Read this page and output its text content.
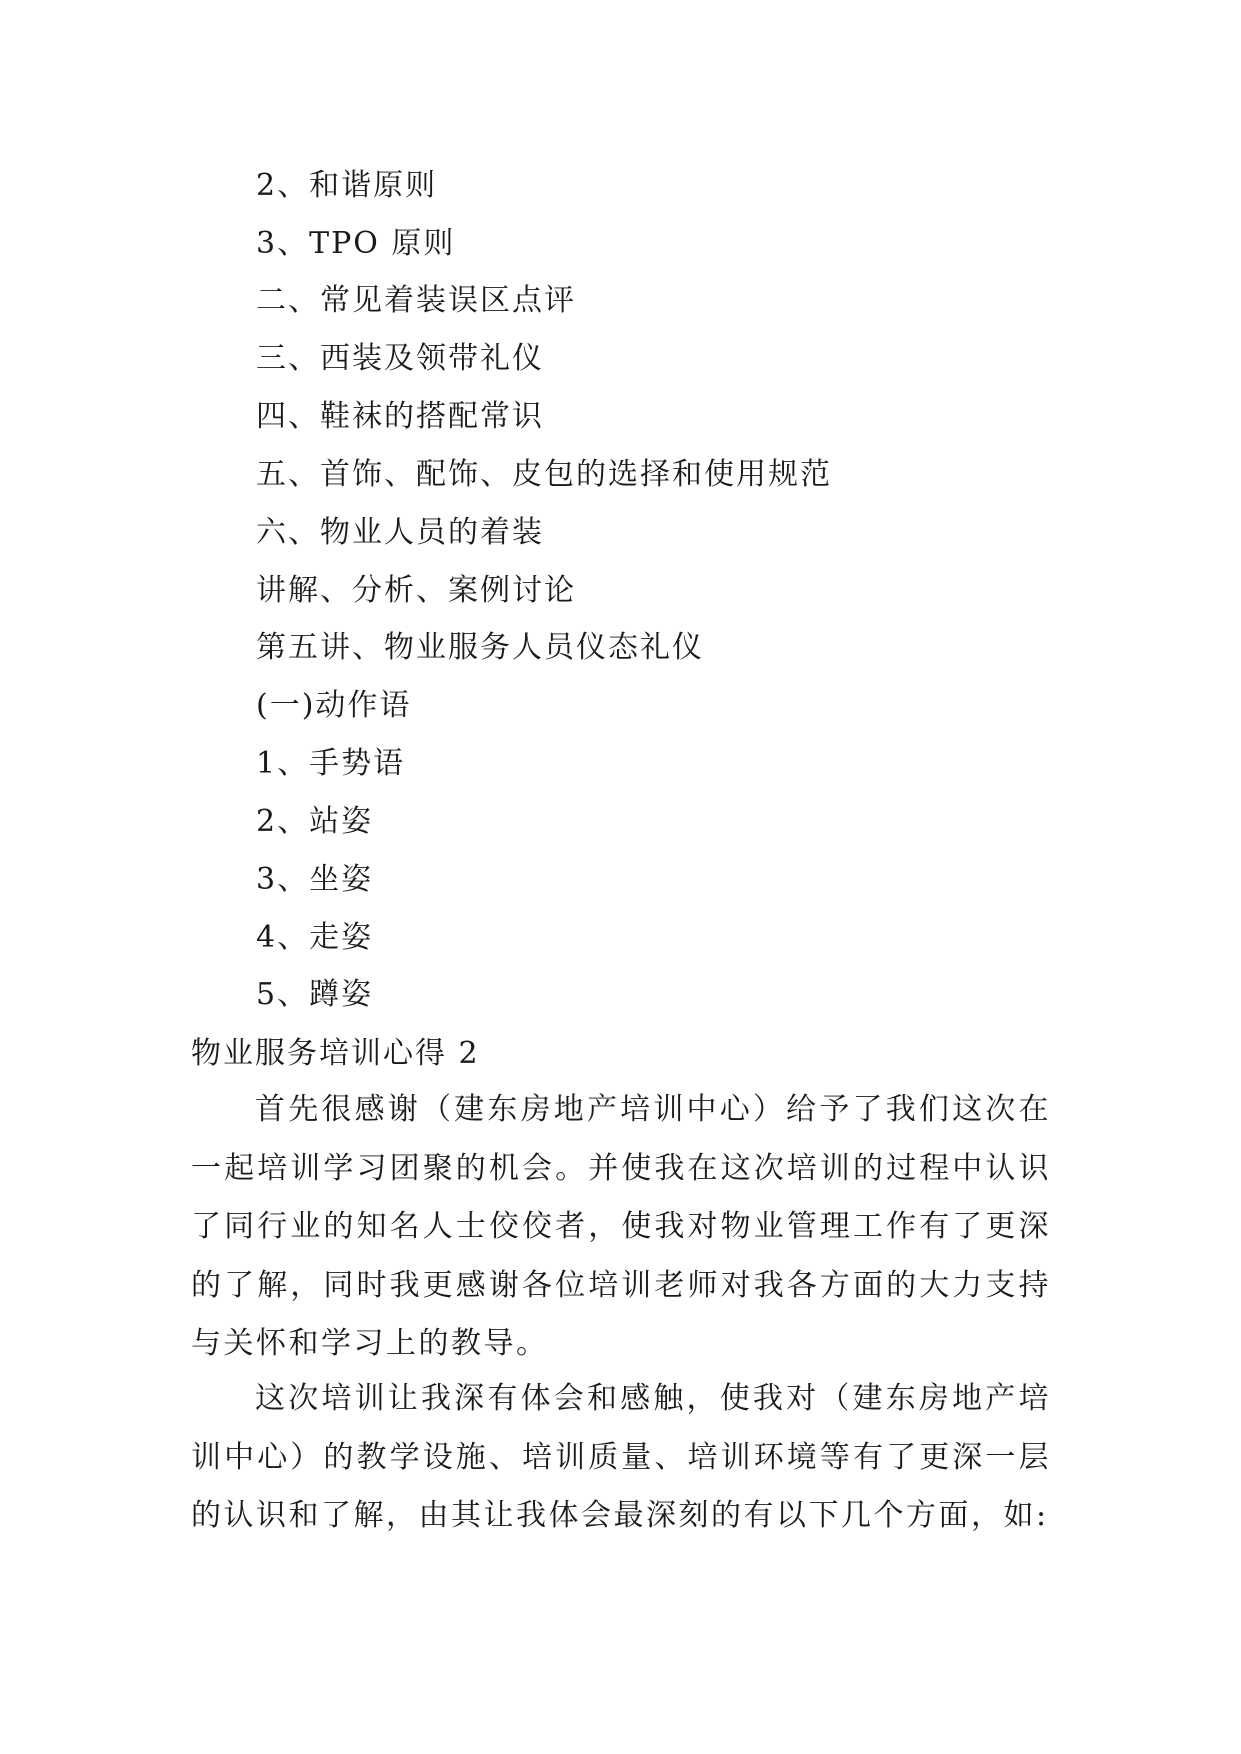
2、和谐原则
3、TPO 原则
二、常见着装误区点评
三、西装及领带礼仪
四、鞋袜的搭配常识
五、首饰、配饰、皮包的选择和使用规范
六、物业人员的着装
讲解、分析、案例讨论
第五讲、物业服务人员仪态礼仪
(一)动作语
1、手势语
2、站姿
3、坐姿
4、走姿
5、蹲姿
物业服务培训心得 2
首先很感谢（建东房地产培训中心）给予了我们这次在一起培训学习团聚的机会。并使我在这次培训的过程中认识了同行业的知名人士佼佼者，使我对物业管理工作有了更深的了解，同时我更感谢各位培训老师对我各方面的大力支持与关怀和学习上的教导。
这次培训让我深有体会和感触，使我对（建东房地产培训中心）的教学设施、培训质量、培训环境等有了更深一层的认识和了解，由其让我体会最深刻的有以下几个方面，如:
